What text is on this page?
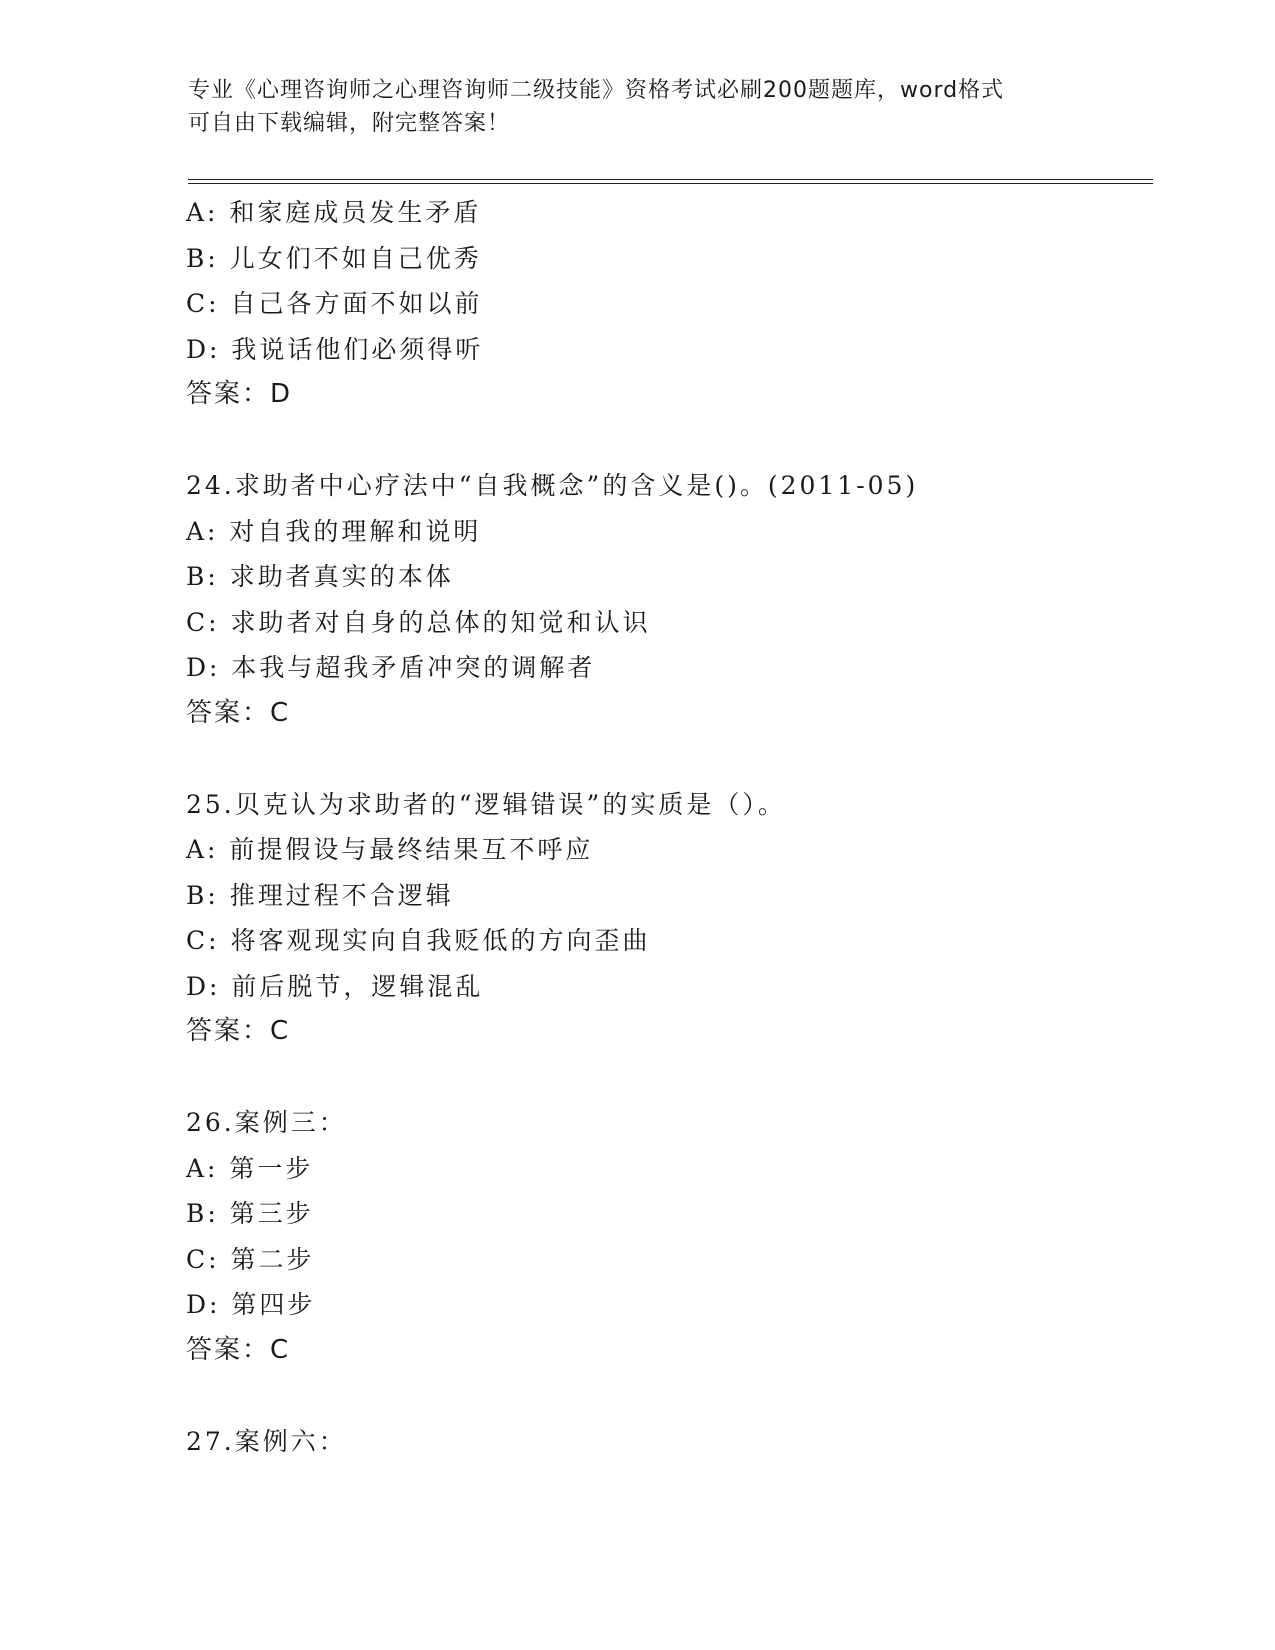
专业《心理咨询师之心理咨询师二级技能》资格考试必刷200题题库，word格式
可自由下载编辑，附完整答案！
A: 和家庭成员发生矛盾
B: 儿女们不如自己优秀
C: 自己各方面不如以前
D: 我说话他们必须得听
答案：D
24.求助者中心疗法中“自我概念”的含义是()。(2011-05)
A: 对自我的理解和说明
B: 求助者真实的本体
C: 求助者对自身的总体的知觉和认识
D: 本我与超我矛盾冲突的调解者
答案：C
25.贝克认为求助者的“逻辑错误”的实质是（）。
A: 前提假设与最终结果互不呼应
B: 推理过程不合逻辑
C: 将客观现实向自我贬低的方向歪曲
D: 前后脱节，逻辑混乱
答案：C
26.案例三：
A: 第一步
B: 第三步
C: 第二步
D: 第四步
答案：C
27.案例六：
